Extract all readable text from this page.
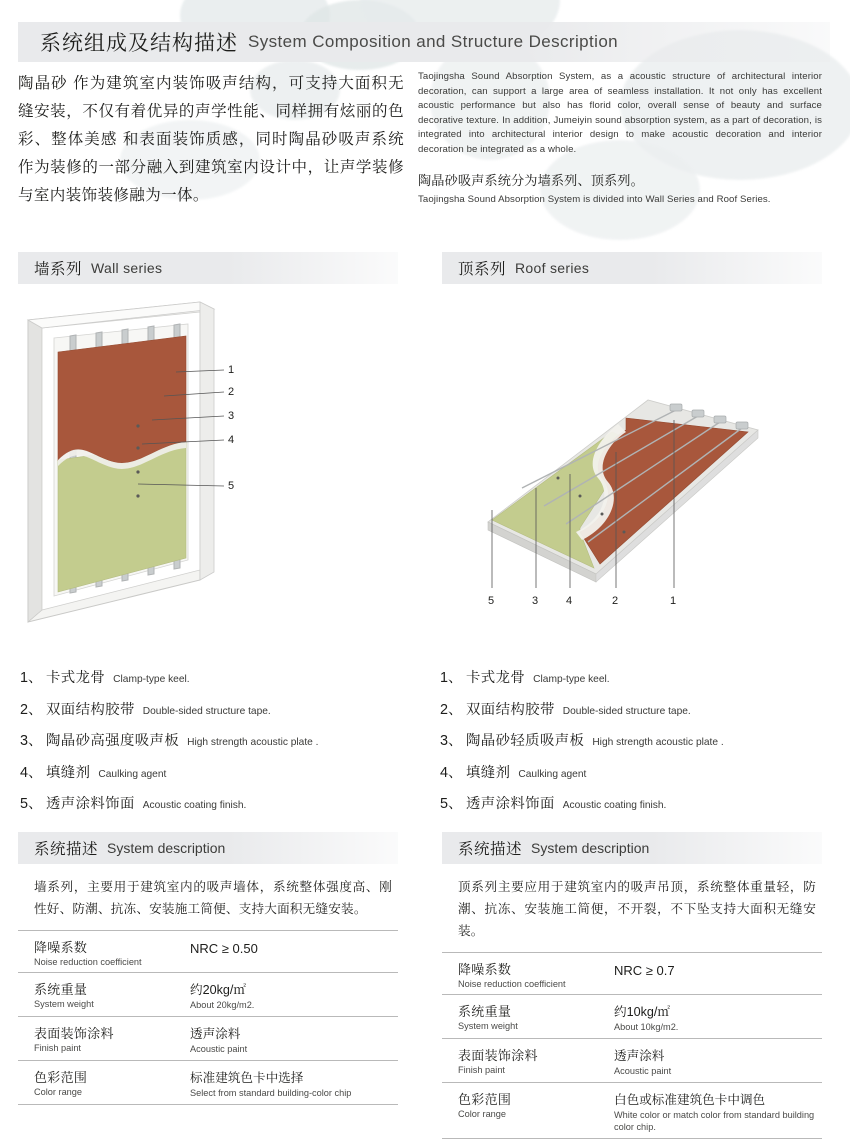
系统组成及结构描述 System Composition and Structure Description
陶晶砂 作为建筑室内装饰吸声结构，可支持大面积无缝安装，不仅有着优异的声学性能、同样拥有炫丽的色彩、整体美感 和表面装饰质感，同时陶晶砂吸声系统作为装修的一部分融入到建筑室内设计中，让声学装修与室内装饰装修融为一体。

Taojingsha Sound Absorption System, as a acoustic structure of architectural interior decoration, can support a large area of seamless installation. It not only has excellent acoustic performance but also has florid color, overall sense of beauty and surface decorative texture. In addition, Jumeiyin sound absorption system, as a part of decoration, is integrated into architectural interior design to make acoustic decoration and interior decoration be integrated as a whole.

陶晶砂吸声系统分为墙系列、顶系列。

Taojingsha Sound Absorption System is divided into Wall Series and Roof Series.

墙系列 Wall series	顶系列 Roof series
1
2
3
4
5
5	3	4	2	1
1、 卡式龙骨 Clamp-type keel.
2、 双面结构胶带 Double-sided structure tape.
3、 陶晶砂高强度吸声板 High strength acoustic plate .
4、 填缝剂 Caulking agent
5、 透声涂料饰面 Acoustic coating finish.
1、 卡式龙骨 Clamp-type keel.
2、 双面结构胶带 Double-sided structure tape.
3、 陶晶砂轻质吸声板 High strength acoustic plate .
4、 填缝剂 Caulking agent
5、 透声涂料饰面 Acoustic coating finish.
系统描述 System description
墙系列，主要用于建筑室内的吸声墙体，系统整体强度高、刚性好、防潮、抗冻、安装施工简便、支持大面积无缝安装。
降噪系数
Noise reduction coefficient	NRC ≥ 0.50

系统重量
System weight	约20kg/㎡
About 20kg/m2.

表面装饰涂料
Finish paint	透声涂料
Acoustic paint

色彩范围
Color range	标准建筑色卡中选择
Select from standard building-color chip
系统描述 System description
顶系列主要应用于建筑室内的吸声吊顶，系统整体重量轻，防潮、抗冻、安装施工简便，不开裂，不下坠支持大面积无缝安装。
降噪系数
Noise reduction coefficient	NRC ≥ 0.7

系统重量
System weight	约10kg/㎡
About 10kg/m2.

表面装饰涂料
Finish paint	透声涂料
Acoustic paint

色彩范围
Color range	白色或标准建筑色卡中调色
White color or match color from standard building color chip.
